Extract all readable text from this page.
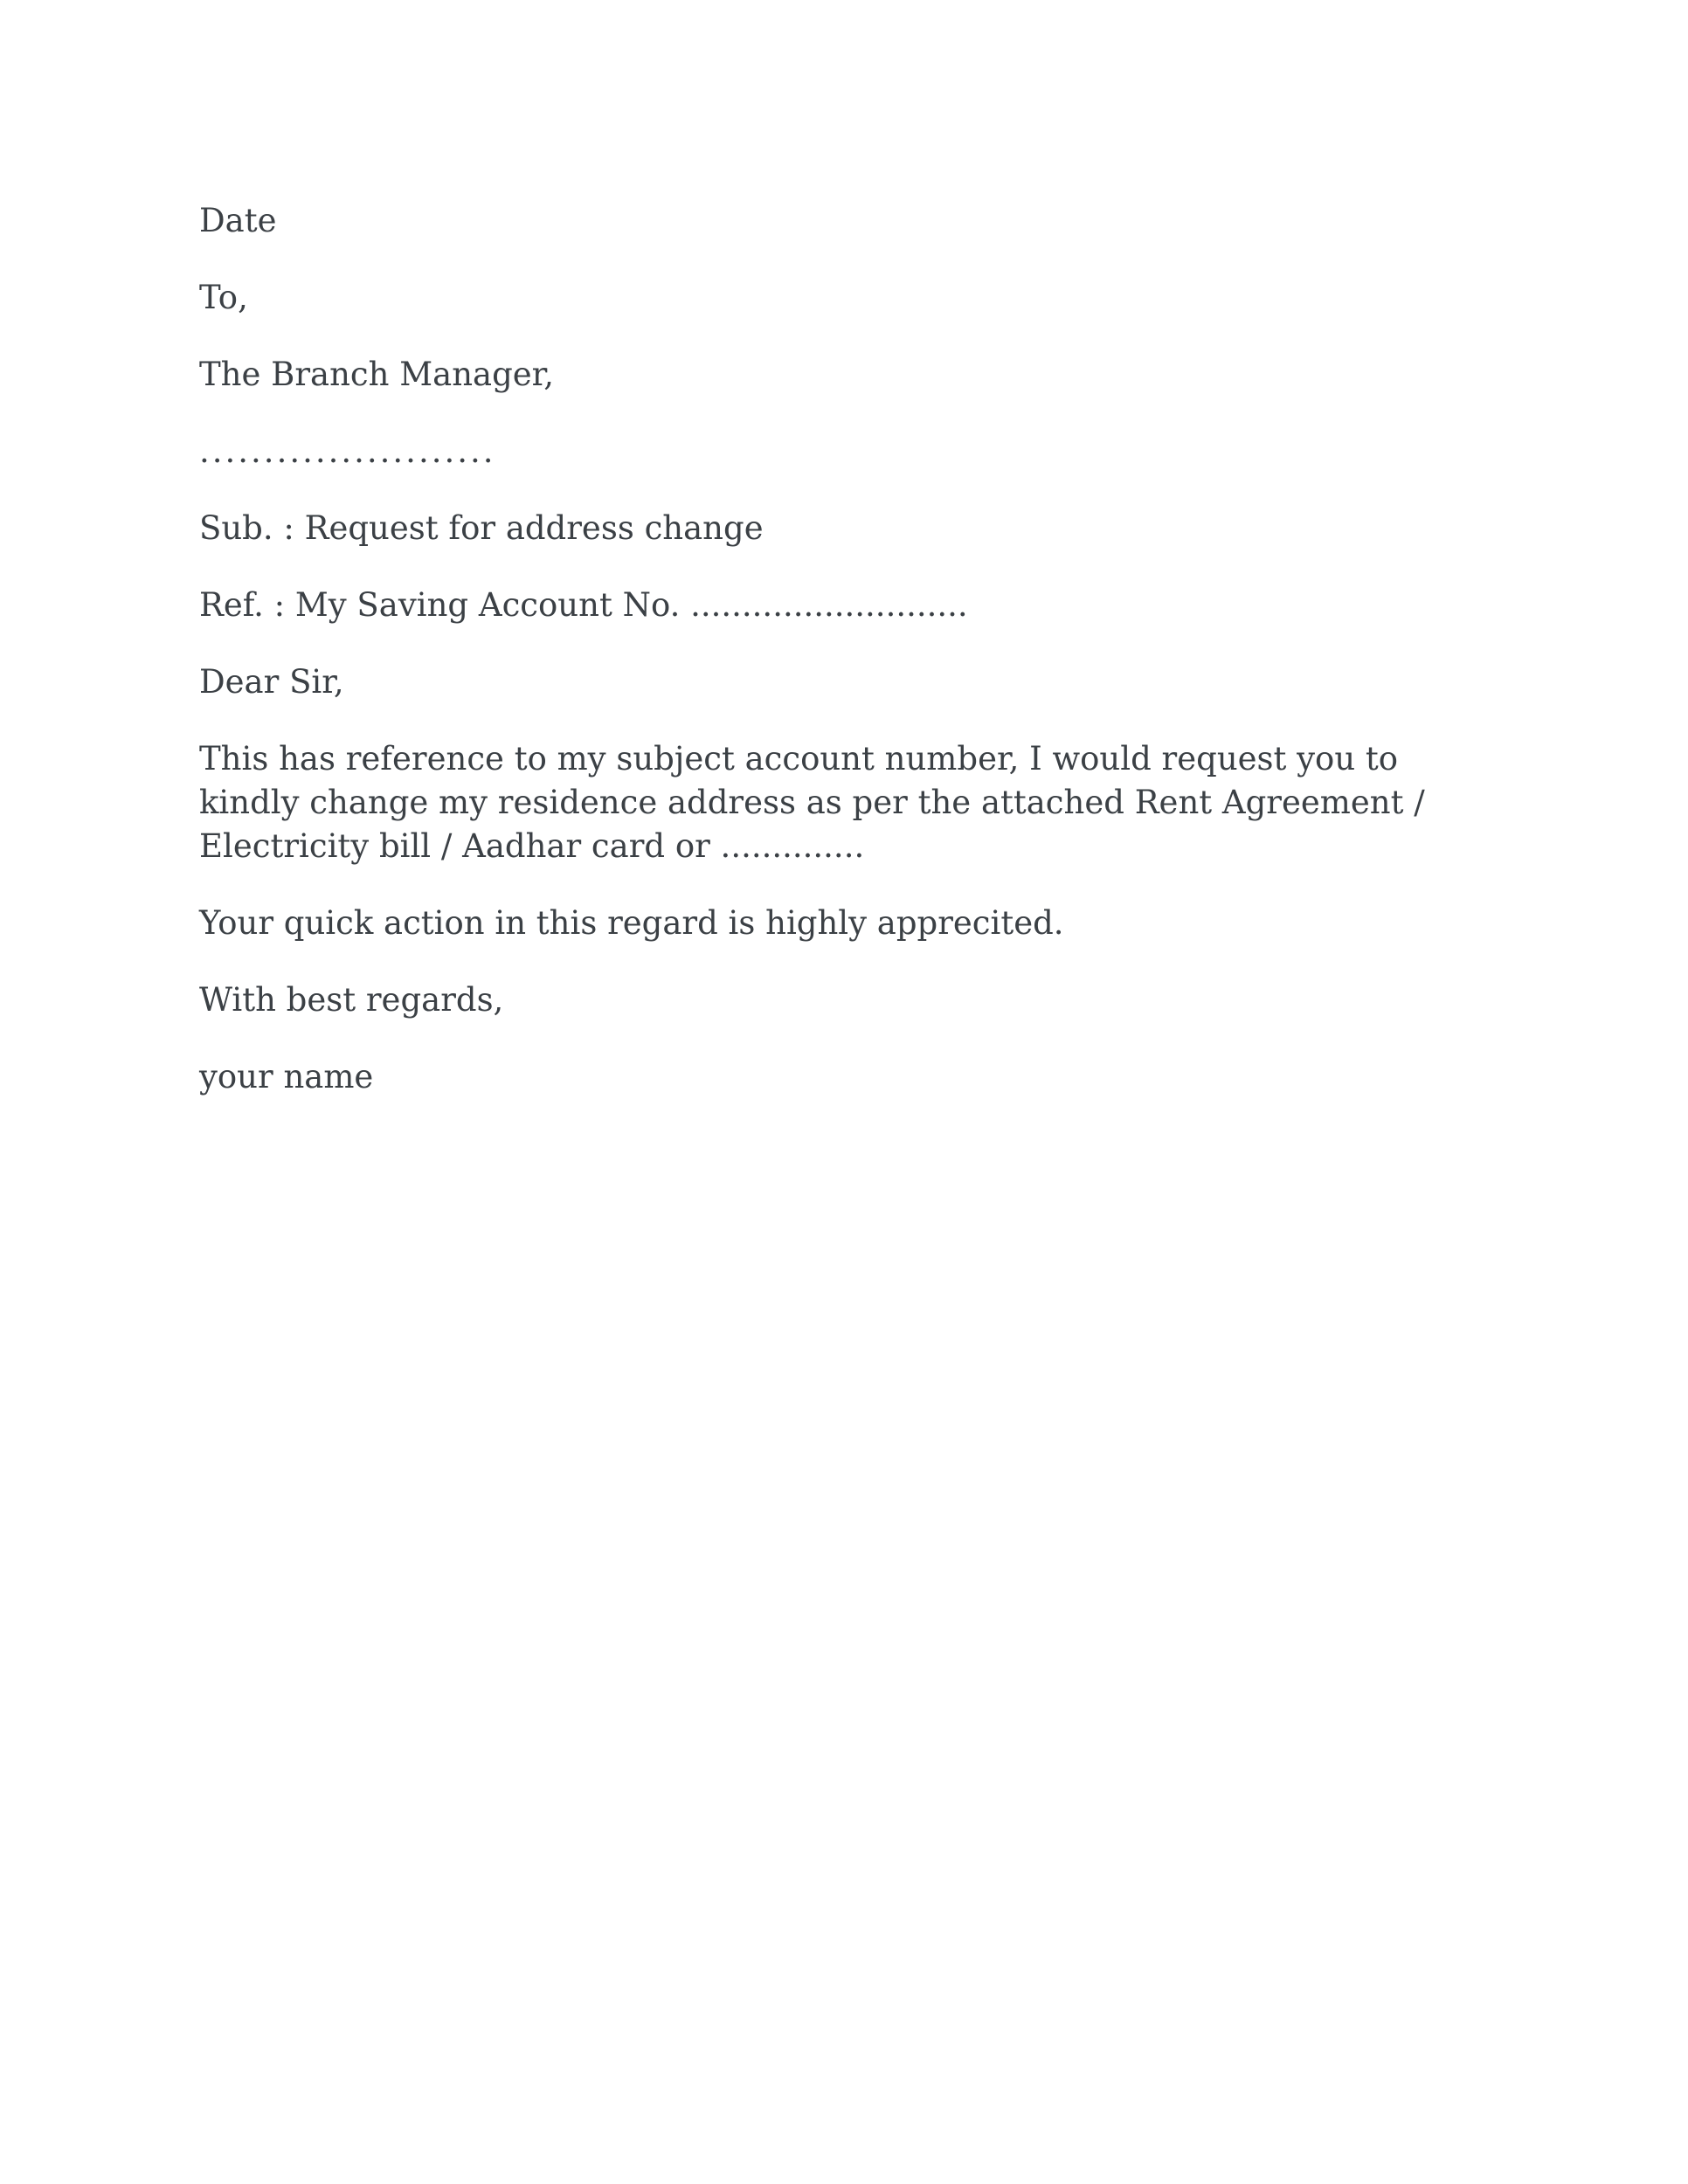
Date
To,
The Branch Manager,
.......................
Sub. : Request for address change
Ref. : My Saving Account No. ...........................
Dear Sir,
This has reference to my subject account number, I would request you to
kindly change my residence address as per the attached Rent Agreement /
Electricity bill / Aadhar card or ..............
Your quick action in this regard is highly apprecited.
With best regards,
your name
